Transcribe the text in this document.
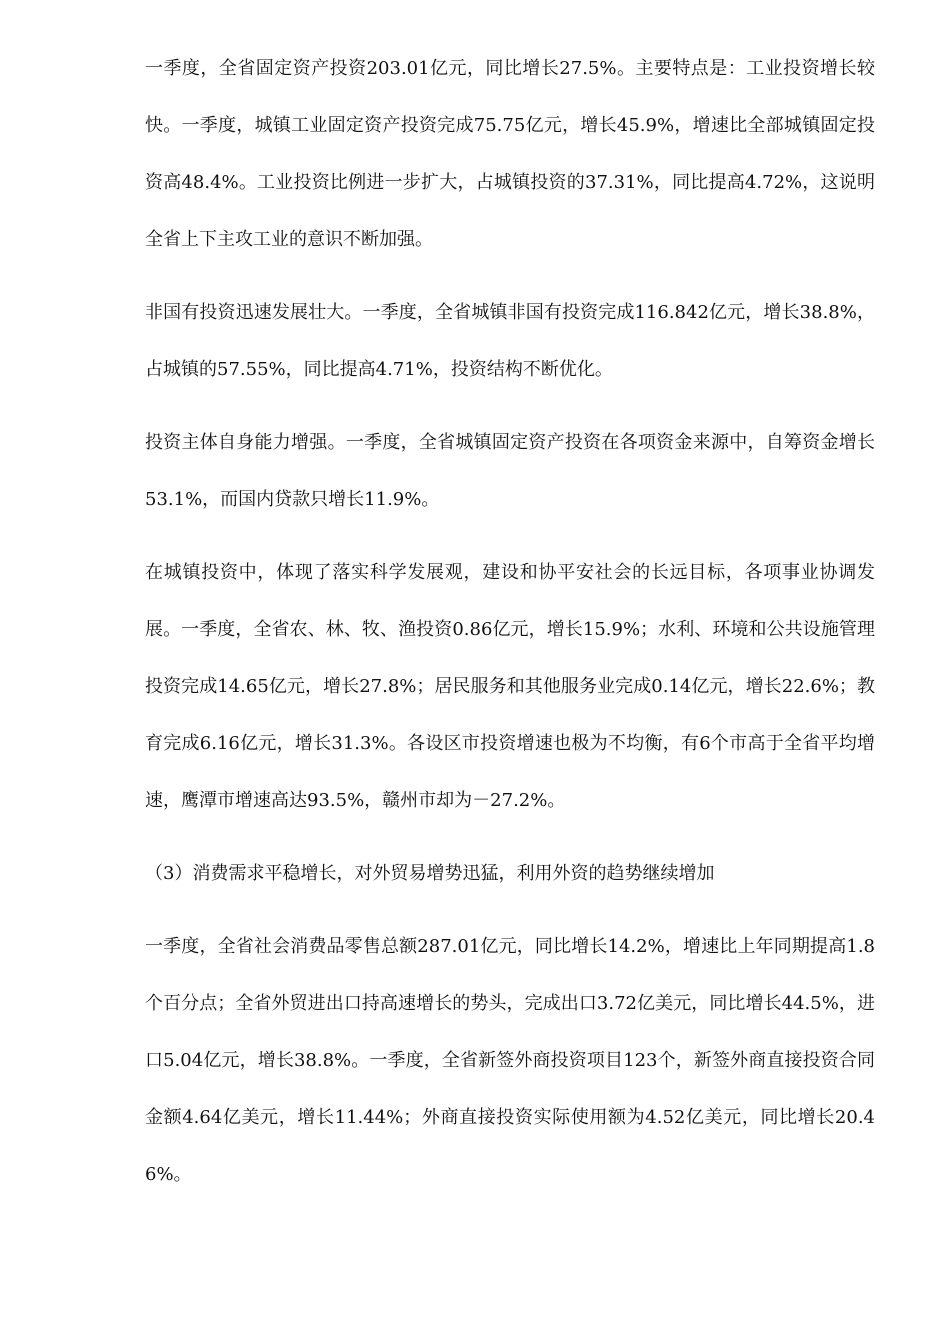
一季度，全省固定资产投资203.01亿元，同比增长27.5%。主要特点是：工业投资增长较快。一季度，城镇工业固定资产投资完成75.75亿元，增长45.9%，增速比全部城镇固定投资高48.4%。工业投资比例进一步扩大，占城镇投资的37.31%，同比提高4.72%，这说明全省上下主攻工业的意识不断加强。

非国有投资迅速发展壮大。一季度，全省城镇非国有投资完成116.842亿元，增长38.8%，占城镇的57.55%，同比提高4.71%，投资结构不断优化。

投资主体自身能力增强。一季度，全省城镇固定资产投资在各项资金来源中，自筹资金增长53.1%，而国内贷款只增长11.9%。

在城镇投资中，体现了落实科学发展观，建设和协平安社会的长远目标，各项事业协调发展。一季度，全省农、林、牧、渔投资0.86亿元，增长15.9%；水利、环境和公共设施管理投资完成14.65亿元，增长27.8%；居民服务和其他服务业完成0.14亿元，增长22.6%；教育完成6.16亿元，增长31.3%。各设区市投资增速也极为不均衡，有6个市高于全省平均增速，鹰潭市增速高达93.5%，赣州市却为－27.2%。

（3）消费需求平稳增长，对外贸易增势迅猛，利用外资的趋势继续增加

一季度，全省社会消费品零售总额287.01亿元，同比增长14.2%，增速比上年同期提高1.8个百分点；全省外贸进出口持高速增长的势头，完成出口3.72亿美元，同比增长44.5%，进口5.04亿元，增长38.8%。一季度，全省新签外商投资项目123个，新签外商直接投资合同金额4.64亿美元，增长11.44%；外商直接投资实际使用额为4.52亿美元，同比增长20.46%。
